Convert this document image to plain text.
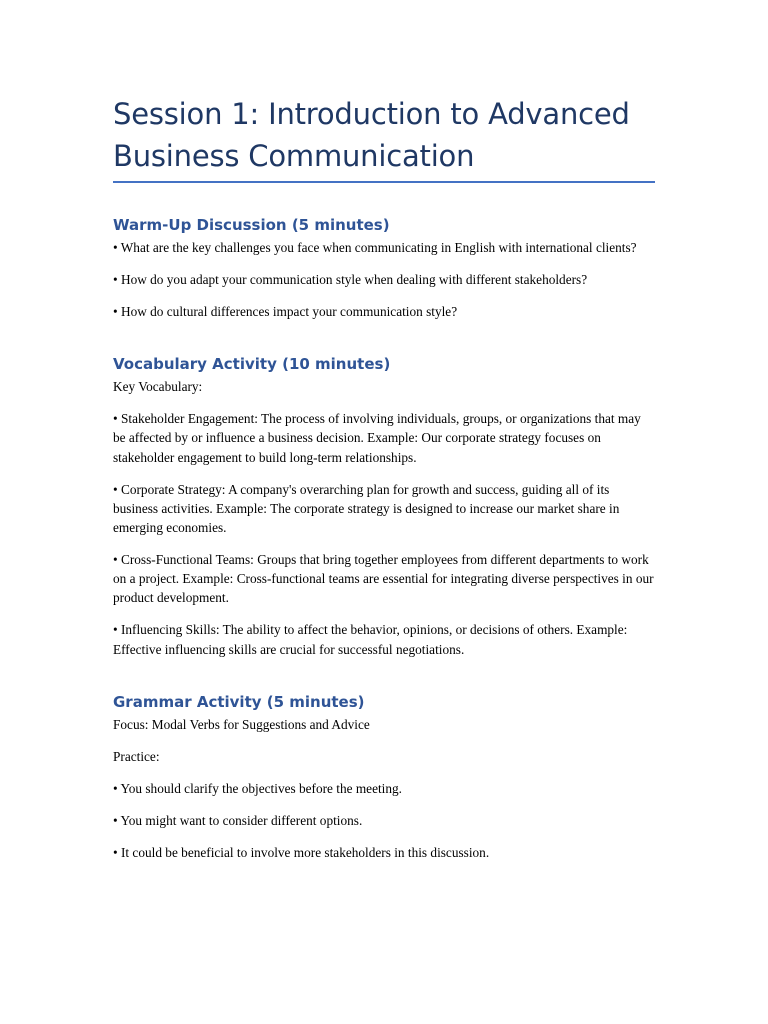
Session 1: Introduction to Advanced Business Communication
Warm-Up Discussion (5 minutes)

• What are the key challenges you face when communicating in English with international clients?

• How do you adapt your communication style when dealing with different stakeholders?

• How do cultural differences impact your communication style?

Vocabulary Activity (10 minutes)

Key Vocabulary:

• Stakeholder Engagement: The process of involving individuals, groups, or organizations that may be affected by or influence a business decision. Example: Our corporate strategy focuses on stakeholder engagement to build long-term relationships.

• Corporate Strategy: A company's overarching plan for growth and success, guiding all of its business activities. Example: The corporate strategy is designed to increase our market share in emerging economies.

• Cross-Functional Teams: Groups that bring together employees from different departments to work on a project. Example: Cross-functional teams are essential for integrating diverse perspectives in our product development.

• Influencing Skills: The ability to affect the behavior, opinions, or decisions of others. Example: Effective influencing skills are crucial for successful negotiations.

Grammar Activity (5 minutes)

Focus: Modal Verbs for Suggestions and Advice

Practice:

• You should clarify the objectives before the meeting.

• You might want to consider different options.

• It could be beneficial to involve more stakeholders in this discussion.
